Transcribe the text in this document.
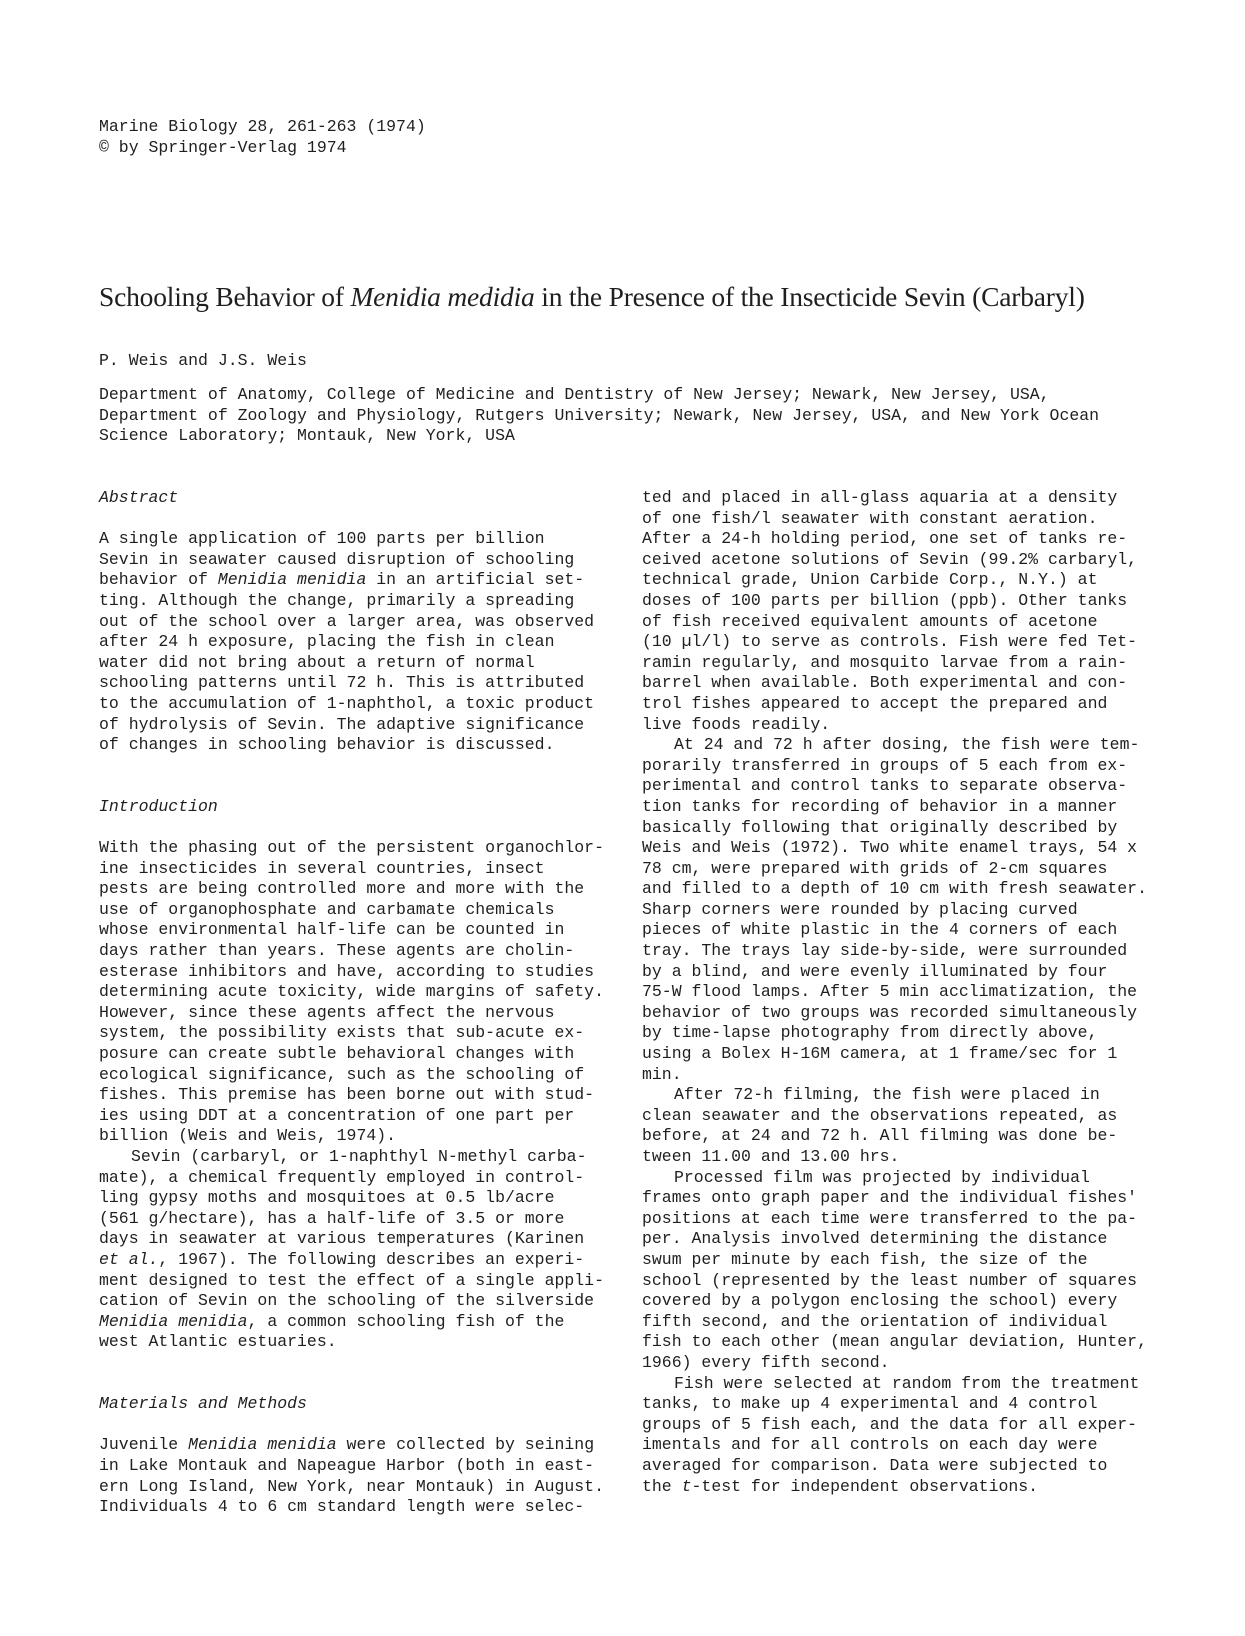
Marine Biology 28, 261-263 (1974)
© by Springer-Verlag 1974
Schooling Behavior of Menidia medidia in the Presence of the Insecticide Sevin (Carbaryl)
P. Weis and J.S. Weis
Department of Anatomy, College of Medicine and Dentistry of New Jersey; Newark, New Jersey, USA,
Department of Zoology and Physiology, Rutgers University; Newark, New Jersey, USA, and New York Ocean
Science Laboratory; Montauk, New York, USA
Abstract
A single application of 100 parts per billion
Sevin in seawater caused disruption of schooling
behavior of Menidia menidia in an artificial set-
ting. Although the change, primarily a spreading
out of the school over a larger area, was observed
after 24 h exposure, placing the fish in clean
water did not bring about a return of normal
schooling patterns until 72 h. This is attributed
to the accumulation of 1-naphthol, a toxic product
of hydrolysis of Sevin. The adaptive significance
of changes in schooling behavior is discussed.
Introduction
With the phasing out of the persistent organochlor-
ine insecticides in several countries, insect
pests are being controlled more and more with the
use of organophosphate and carbamate chemicals
whose environmental half-life can be counted in
days rather than years. These agents are cholin-
esterase inhibitors and have, according to studies
determining acute toxicity, wide margins of safety.
However, since these agents affect the nervous
system, the possibility exists that sub-acute ex-
posure can create subtle behavioral changes with
ecological significance, such as the schooling of
fishes. This premise has been borne out with stud-
ies using DDT at a concentration of one part per
billion (Weis and Weis, 1974).
Sevin (carbaryl, or 1-naphthyl N-methyl carba-
mate), a chemical frequently employed in control-
ling gypsy moths and mosquitoes at 0.5 lb/acre
(561 g/hectare), has a half-life of 3.5 or more
days in seawater at various temperatures (Karinen
et al., 1967). The following describes an experi-
ment designed to test the effect of a single appli-
cation of Sevin on the schooling of the silverside
Menidia menidia, a common schooling fish of the
west Atlantic estuaries.
Materials and Methods
Juvenile Menidia menidia were collected by seining
in Lake Montauk and Napeague Harbor (both in east-
ern Long Island, New York, near Montauk) in August.
Individuals 4 to 6 cm standard length were selec-
ted and placed in all-glass aquaria at a density
of one fish/l seawater with constant aeration.
After a 24-h holding period, one set of tanks re-
ceived acetone solutions of Sevin (99.2% carbaryl,
technical grade, Union Carbide Corp., N.Y.) at
doses of 100 parts per billion (ppb). Other tanks
of fish received equivalent amounts of acetone
(10 µl/l) to serve as controls. Fish were fed Tet-
ramin regularly, and mosquito larvae from a rain-
barrel when available. Both experimental and con-
trol fishes appeared to accept the prepared and
live foods readily.
At 24 and 72 h after dosing, the fish were tem-
porarily transferred in groups of 5 each from ex-
perimental and control tanks to separate observa-
tion tanks for recording of behavior in a manner
basically following that originally described by
Weis and Weis (1972). Two white enamel trays, 54 x
78 cm, were prepared with grids of 2-cm squares
and filled to a depth of 10 cm with fresh seawater.
Sharp corners were rounded by placing curved
pieces of white plastic in the 4 corners of each
tray. The trays lay side-by-side, were surrounded
by a blind, and were evenly illuminated by four
75-W flood lamps. After 5 min acclimatization, the
behavior of two groups was recorded simultaneously
by time-lapse photography from directly above,
using a Bolex H-16M camera, at 1 frame/sec for 1
min.
After 72-h filming, the fish were placed in
clean seawater and the observations repeated, as
before, at 24 and 72 h. All filming was done be-
tween 11.00 and 13.00 hrs.
Processed film was projected by individual
frames onto graph paper and the individual fishes'
positions at each time were transferred to the pa-
per. Analysis involved determining the distance
swum per minute by each fish, the size of the
school (represented by the least number of squares
covered by a polygon enclosing the school) every
fifth second, and the orientation of individual
fish to each other (mean angular deviation, Hunter,
1966) every fifth second.
Fish were selected at random from the treatment
tanks, to make up 4 experimental and 4 control
groups of 5 fish each, and the data for all exper-
imentals and for all controls on each day were
averaged for comparison. Data were subjected to
the t-test for independent observations.
